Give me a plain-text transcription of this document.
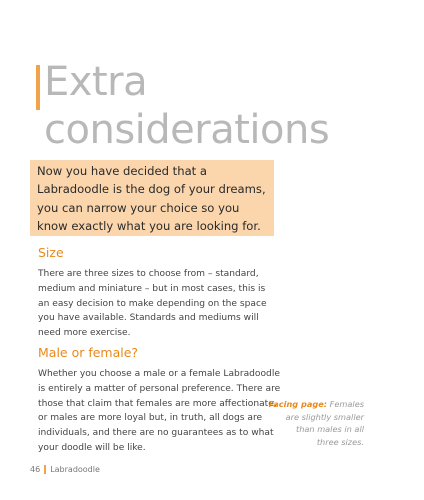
Extra
considerations

Now you have decided that a
Labradoodle is the dog of your dreams,
you can narrow your choice so you
know exactly what you are looking for.

Size

There are three sizes to choose from – standard,
medium and miniature – but in most cases, this is
an easy decision to make depending on the space
you have available. Standards and mediums will
need more exercise.

Male or female?

Whether you choose a male or a female Labradoodle
is entirely a matter of personal preference. There are
those that claim that females are more affectionate,
or males are more loyal but, in truth, all dogs are
individuals, and there are no guarantees as to what
your doodle will be like.

Facing page: Females
are slightly smaller
than males in all
three sizes.
46 Labradoodle
